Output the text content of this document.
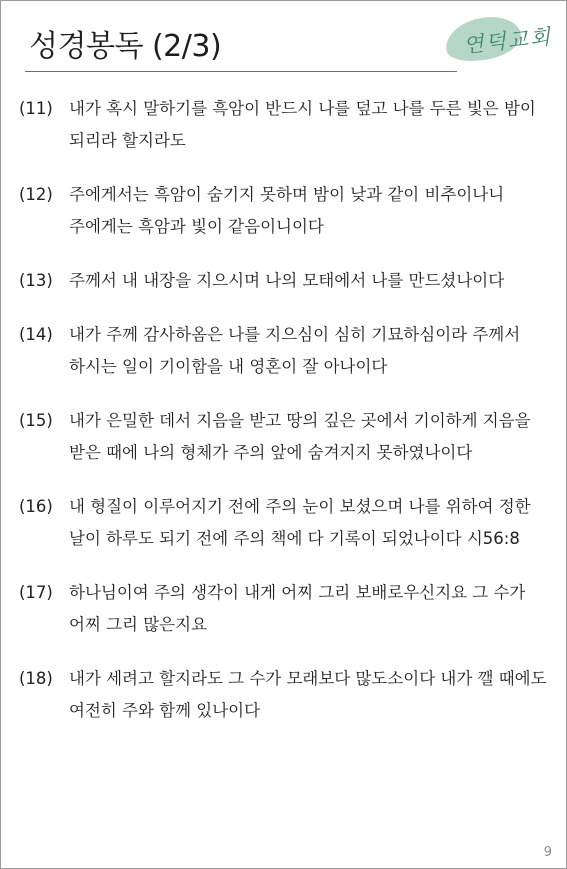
성경봉독 (2/3)	연덕교회
(11) 내가 혹시 말하기를 흑암이 반드시 나를 덮고 나를 두른 빛은 밤이 되리라 할지라도
(12) 주에게서는 흑암이 숨기지 못하며 밤이 낮과 같이 비추이나니 주에게는 흑암과 빛이 같음이니이다
(13) 주께서 내 내장을 지으시며 나의 모태에서 나를 만드셨나이다
(14) 내가 주께 감사하옴은 나를 지으심이 심히 기묘하심이라 주께서 하시는 일이 기이함을 내 영혼이 잘 아나이다
(15) 내가 은밀한 데서 지음을 받고 땅의 깊은 곳에서 기이하게 지음을 받은 때에 나의 형체가 주의 앞에 숨겨지지 못하였나이다
(16) 내 형질이 이루어지기 전에 주의 눈이 보셨으며 나를 위하여 정한 날이 하루도 되기 전에 주의 책에 다 기록이 되었나이다 시56:8
(17) 하나님이여 주의 생각이 내게 어찌 그리 보배로우신지요 그 수가 어찌 그리 많은지요
(18) 내가 세려고 할지라도 그 수가 모래보다 많도소이다 내가 깰 때에도 여전히 주와 함께 있나이다
9
